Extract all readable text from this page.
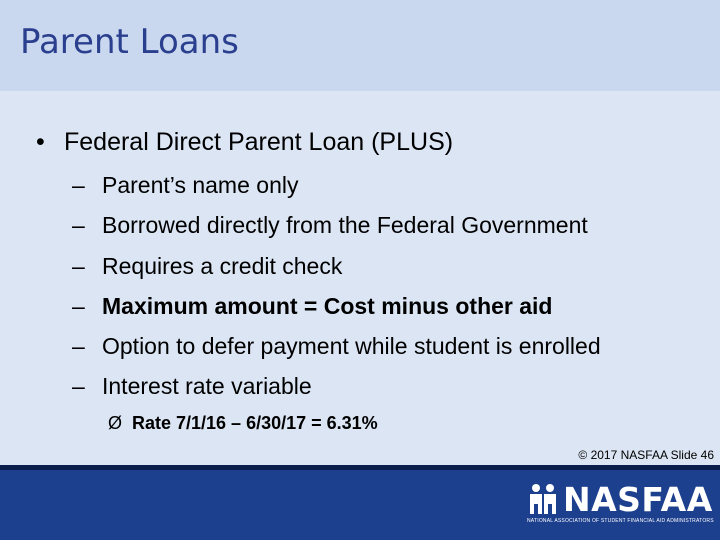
Parent Loans
• Federal Direct Parent Loan (PLUS)
– Parent’s name only
– Borrowed directly from the Federal Government
– Requires a credit check
– Maximum amount = Cost minus other aid
– Option to defer payment while student is enrolled
– Interest rate variable
Ø Rate 7/1/16 – 6/30/17 = 6.31%
© 2017 NASFAA Slide 46
NASFAA
NATIONAL ASSOCIATION OF STUDENT FINANCIAL AID ADMINISTRATORS
